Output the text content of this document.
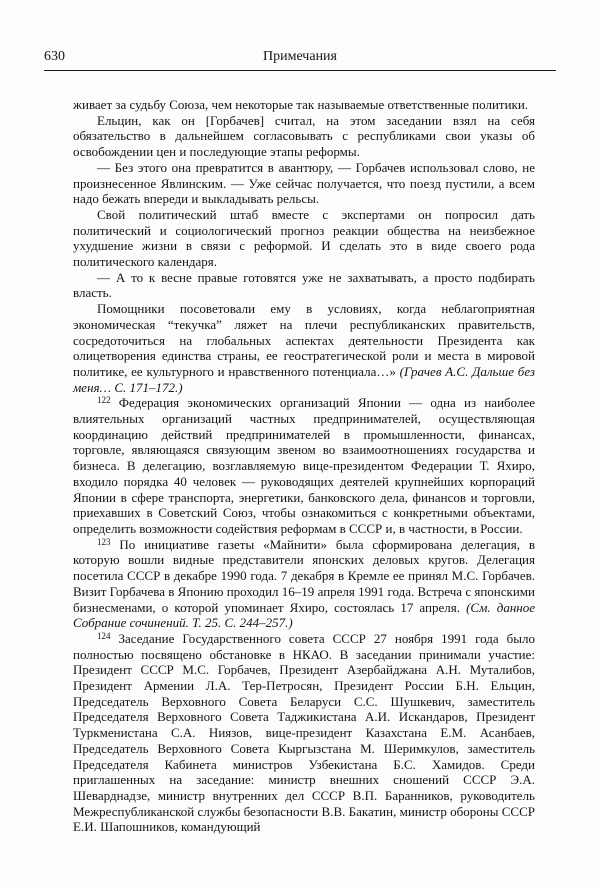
630	Примечания

живает за судьбу Союза, чем некоторые так называемые ответственные политики.

Ельцин, как он [Горбачев] считал, на этом заседании взял на себя обязательство в дальнейшем согласовывать с республиками свои указы об освобождении цен и последующие этапы реформы.

— Без этого она превратится в авантюру, — Горбачев использовал слово, не произнесенное Явлинским. — Уже сейчас получается, что поезд пустили, а всем надо бежать впереди и выкладывать рельсы.

Свой политический штаб вместе с экспертами он попросил дать политический и социологический прогноз реакции общества на неизбежное ухудшение жизни в связи с реформой. И сделать это в виде своего рода политического календаря.

— А то к весне правые готовятся уже не захватывать, а просто подбирать власть.

Помощники посоветовали ему в условиях, когда неблагоприятная экономическая “текучка” ляжет на плечи республиканских правительств, сосредоточиться на глобальных аспектах деятельности Президента как олицетворения единства страны, ее геостратегической роли и места в мировой политике, ее культурного и нравственного потенциала…» (Грачев А.С. Дальше без меня… С. 171–172.)

$^{122}$ Федерация экономических организаций Японии — одна из наиболее влиятельных организаций частных предпринимателей, осуществляющая координацию действий предпринимателей в промышленности, финансах, торговле, являющаяся связующим звеном во взаимоотношениях государства и бизнеса. В делегацию, возглавляемую вице-президентом Федерации Т. Яхиро, входило порядка 40 человек — руководящих деятелей крупнейших корпораций Японии в сфере транспорта, энергетики, банковского дела, финансов и торговли, приехавших в Советский Союз, чтобы ознакомиться с конкретными объектами, определить возможности содействия реформам в СССР и, в частности, в России.

$^{123}$ По инициативе газеты «Майнити» была сформирована делегация, в которую вошли видные представители японских деловых кругов. Делегация посетила СССР в декабре 1990 года. 7 декабря в Кремле ее принял М.С. Горбачев. Визит Горбачева в Японию проходил 16–19 апреля 1991 года. Встреча с японскими бизнесменами, о которой упоминает Яхиро, состоялась 17 апреля. (См. данное Собрание сочинений. Т. 25. С. 244–257.)

$^{124}$ Заседание Государственного совета СССР 27 ноября 1991 года было полностью посвящено обстановке в НКАО. В заседании принимали участие: Президент СССР М.С. Горбачев, Президент Азербайджана А.Н. Муталибов, Президент Армении Л.А. Тер-Петросян, Президент России Б.Н. Ельцин, Председатель Верховного Совета Беларуси С.С. Шушкевич, заместитель Председателя Верховного Совета Таджикистана А.И. Искандаров, Президент Туркменистана С.А. Ниязов, вице-президент Казахстана Е.М. Асанбаев, Председатель Верховного Совета Кыргызстана М. Шеримкулов, заместитель Председателя Кабинета министров Узбекистана Б.С. Хамидов. Среди приглашенных на заседание: министр внешних сношений СССР Э.А. Шеварднадзе, министр внутренних дел СССР В.П. Баранников, руководитель Межреспубликанской службы безопасности В.В. Бакатин, министр обороны СССР Е.И. Шапошников, командующий
